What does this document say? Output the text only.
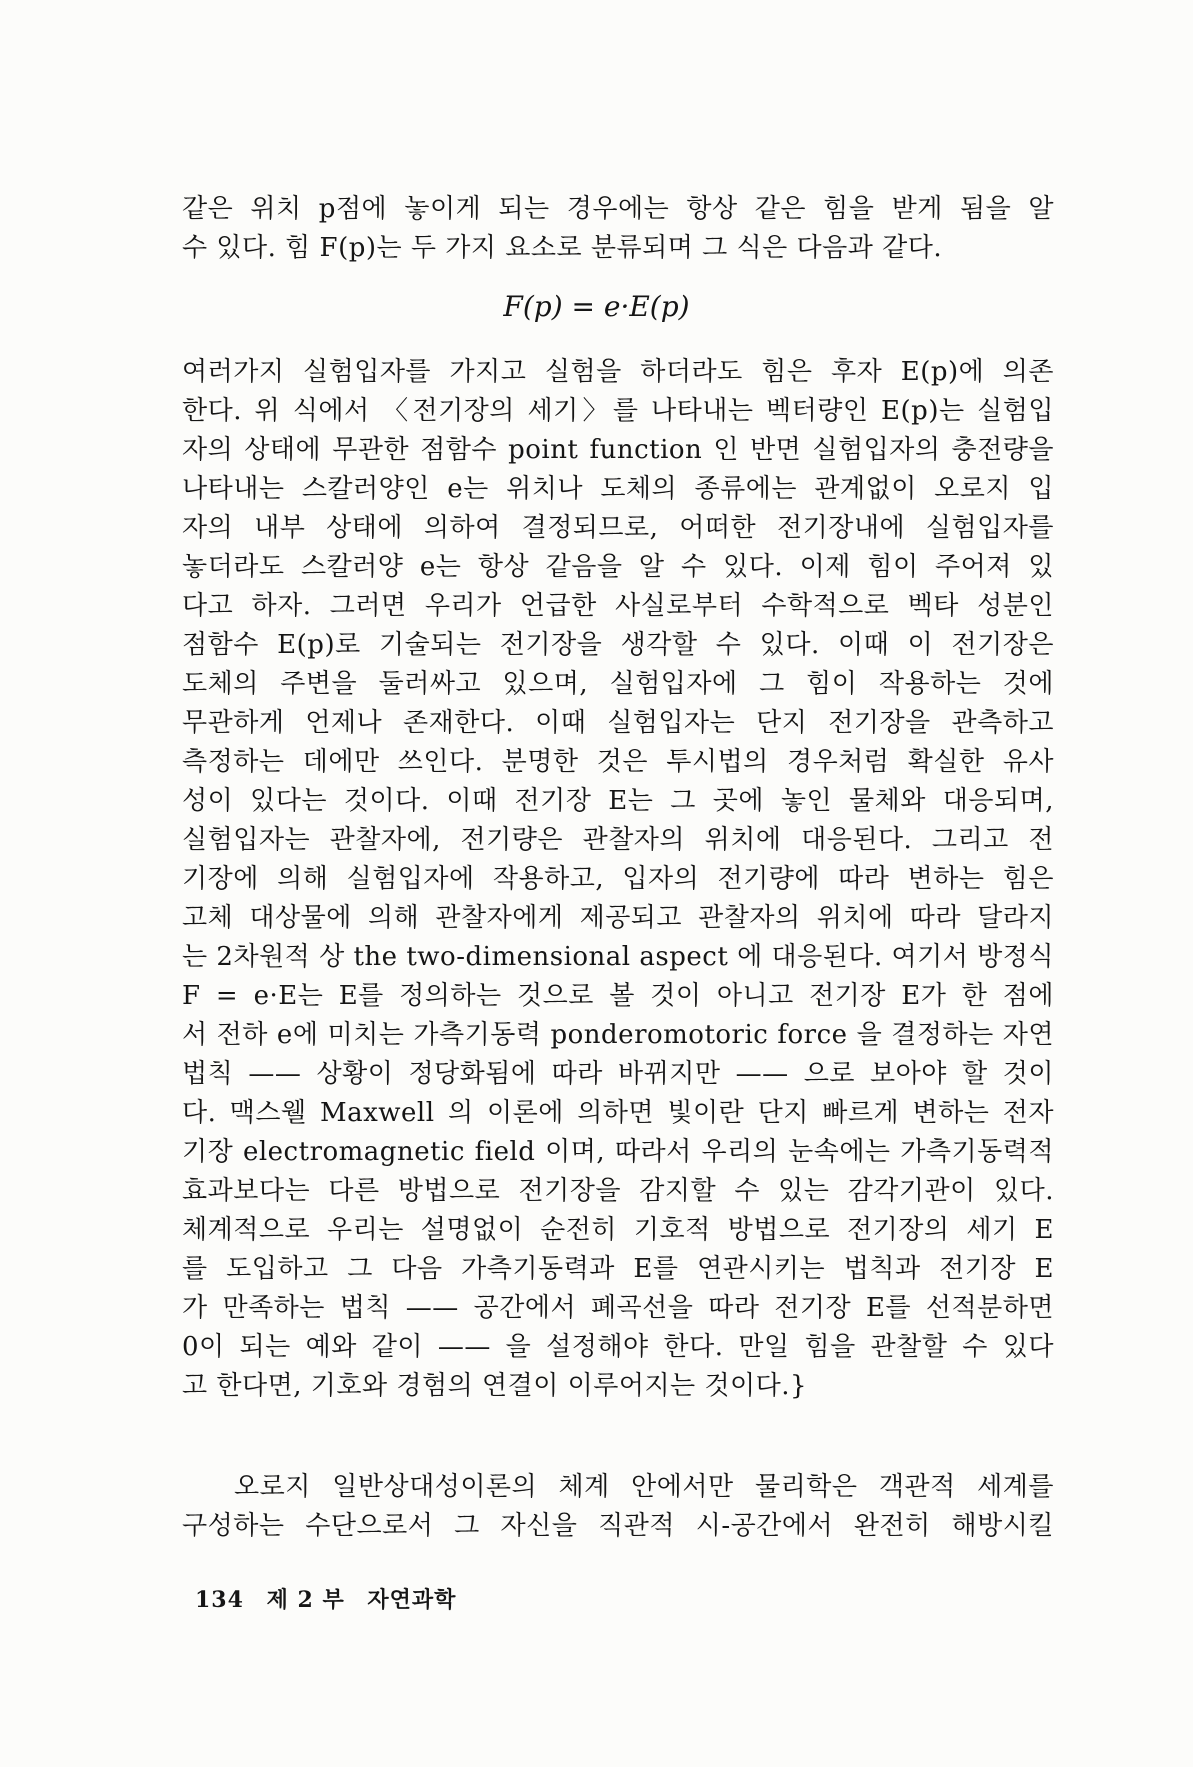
같은 위치 p점에 놓이게 되는 경우에는 항상 같은 힘을 받게 됨을 알
수 있다. 힘 F(p)는 두 가지 요소로 분류되며 그 식은 다음과 같다.
F(p) = e·E(p)
여러가지 실험입자를 가지고 실험을 하더라도 힘은 후자 E(p)에 의존
한다. 위 식에서 〈전기장의 세기〉를 나타내는 벡터량인 E(p)는 실험입
자의 상태에 무관한 점함수 point function 인 반면 실험입자의 충전량을
나타내는 스칼러양인 e는 위치나 도체의 종류에는 관계없이 오로지 입
자의 내부 상태에 의하여 결정되므로, 어떠한 전기장내에 실험입자를
놓더라도 스칼러양 e는 항상 같음을 알 수 있다. 이제 힘이 주어져 있
다고 하자. 그러면 우리가 언급한 사실로부터 수학적으로 벡타 성분인
점함수 E(p)로 기술되는 전기장을 생각할 수 있다. 이때 이 전기장은
도체의 주변을 둘러싸고 있으며, 실험입자에 그 힘이 작용하는 것에
무관하게 언제나 존재한다. 이때 실험입자는 단지 전기장을 관측하고
측정하는 데에만 쓰인다. 분명한 것은 투시법의 경우처럼 확실한 유사
성이 있다는 것이다. 이때 전기장 E는 그 곳에 놓인 물체와 대응되며,
실험입자는 관찰자에, 전기량은 관찰자의 위치에 대응된다. 그리고 전
기장에 의해 실험입자에 작용하고, 입자의 전기량에 따라 변하는 힘은
고체 대상물에 의해 관찰자에게 제공되고 관찰자의 위치에 따라 달라지
는 2차원적 상 the two-dimensional aspect 에 대응된다. 여기서 방정식
F = e·E는 E를 정의하는 것으로 볼 것이 아니고 전기장 E가 한 점에
서 전하 e에 미치는 가측기동력 ponderomotoric force 을 결정하는 자연
법칙 —— 상황이 정당화됨에 따라 바뀌지만 —— 으로 보아야 할 것이
다. 맥스웰 Maxwell 의 이론에 의하면 빛이란 단지 빠르게 변하는 전자
기장 electromagnetic field 이며, 따라서 우리의 눈속에는 가측기동력적
효과보다는 다른 방법으로 전기장을 감지할 수 있는 감각기관이 있다.
체계적으로 우리는 설명없이 순전히 기호적 방법으로 전기장의 세기 E
를 도입하고 그 다음 가측기동력과 E를 연관시키는 법칙과 전기장 E
가 만족하는 법칙 —— 공간에서 폐곡선을 따라 전기장 E를 선적분하면
0이 되는 예와 같이 —— 을 설정해야 한다. 만일 힘을 관찰할 수 있다
고 한다면, 기호와 경험의 연결이 이루어지는 것이다.}
오로지 일반상대성이론의 체계 안에서만 물리학은 객관적 세계를
구성하는 수단으로서 그 자신을 직관적 시-공간에서 완전히 해방시킬
134 제 2 부 자연과학
